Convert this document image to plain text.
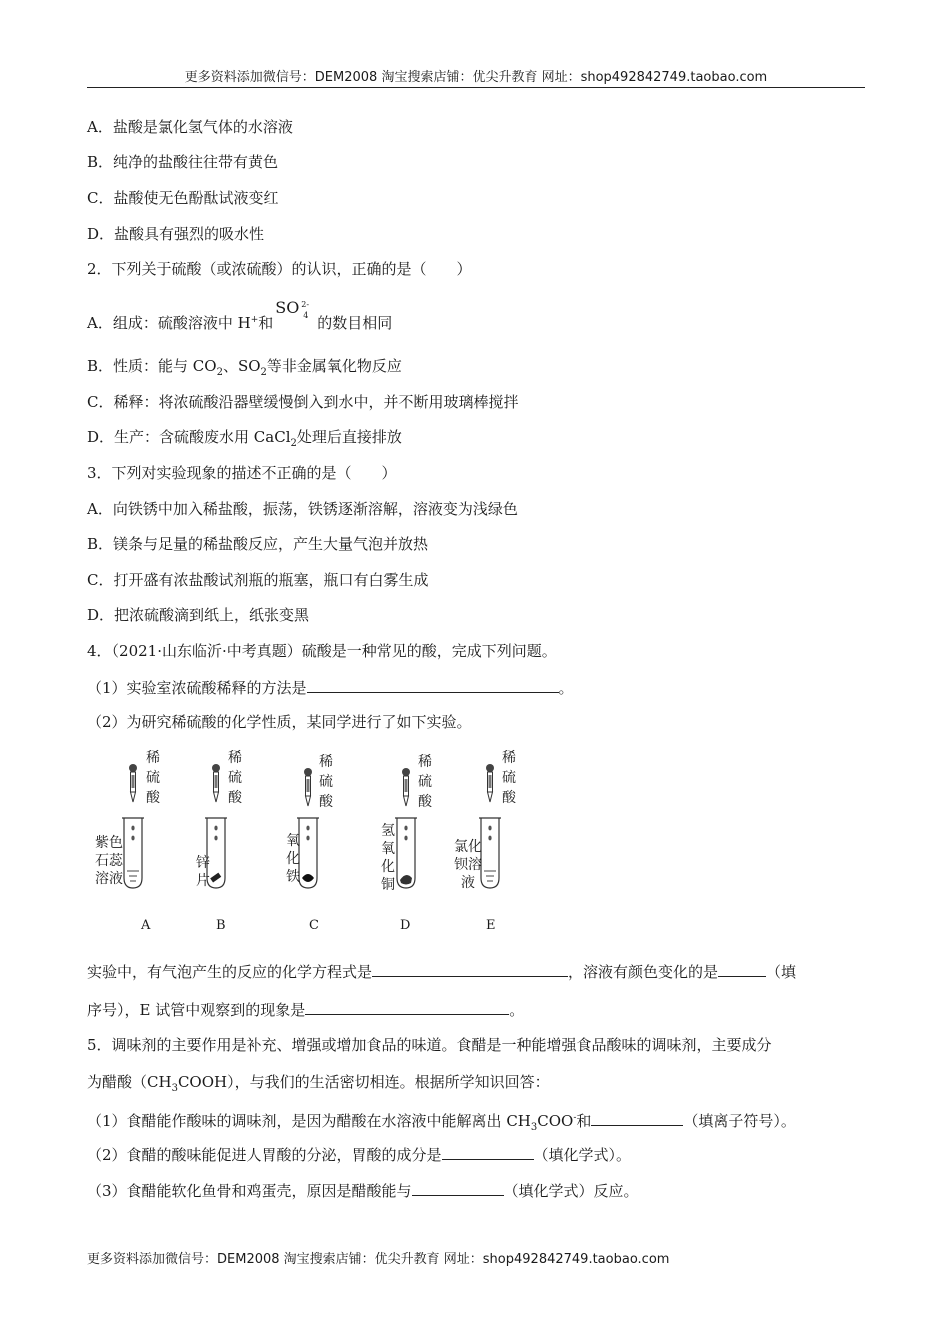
更多资料添加微信号：DEM2008 淘宝搜索店铺：优尖升教育 网址：shop492842749.taobao.com
A．盐酸是氯化氢气体的水溶液
B．纯净的盐酸往往带有黄色
C．盐酸使无色酚酞试液变红
D．盐酸具有强烈的吸水性
2．下列关于硫酸（或浓硫酸）的认识，正确的是（　　）
A．组成：硫酸溶液中 H+和
SO 2-
4 的数目相同
B．性质：能与 $CO_2$、$SO_2$等非金属氧化物反应
C．稀释：将浓硫酸沿器壁缓慢倒入到水中，并不断用玻璃棒搅拌
D．生产：含硫酸废水用 CaCl$_2$处理后直接排放
3．下列对实验现象的描述不正确的是（　　）
A．向铁锈中加入稀盐酸，振荡，铁锈逐渐溶解，溶液变为浅绿色
B．镁条与足量的稀盐酸反应，产生大量气泡并放热
C．打开盛有浓盐酸试剂瓶的瓶塞，瓶口有白雾生成
D．把浓硫酸滴到纸上，纸张变黑
4．（2021·山东临沂·中考真题）硫酸是一种常见的酸，完成下列问题。
（1）实验室浓硫酸稀释的方法是	。
（2）为研究稀硫酸的化学性质，某同学进行了如下实验。
稀
硫
酸
稀
硫
酸
稀
硫
酸
稀
硫
酸
稀
硫
酸
紫色
石蕊
溶液
锌
片
氧
化
铁
氢
氧
化
铜
氯化
钡溶
液
A	B	C	D	E
实验中，有气泡产生的反应的化学方程式是	，溶液有颜色变化的是	（填
序号），E 试管中观察到的现象是	。
5．调味剂的主要作用是补充、增强或增加食品的味道。食醋是一种能增强食品酸味的调味剂，主要成分
为醋酸$(CH_3COOH)$，与我们的生活密切相连。根据所学知识回答：
（1）食醋能作酸味的调味剂，是因为醋酸在水溶液中能解离出 $CH_3COO^-$和	（填离子符号）。
（2）食醋的酸味能促进人胃酸的分泌，胃酸的成分是	（填化学式）。
（3）食醋能软化鱼骨和鸡蛋壳，原因是醋酸能与	（填化学式）反应。
更多资料添加微信号：DEM2008 淘宝搜索店铺：优尖升教育 网址：shop492842749.taobao.com
